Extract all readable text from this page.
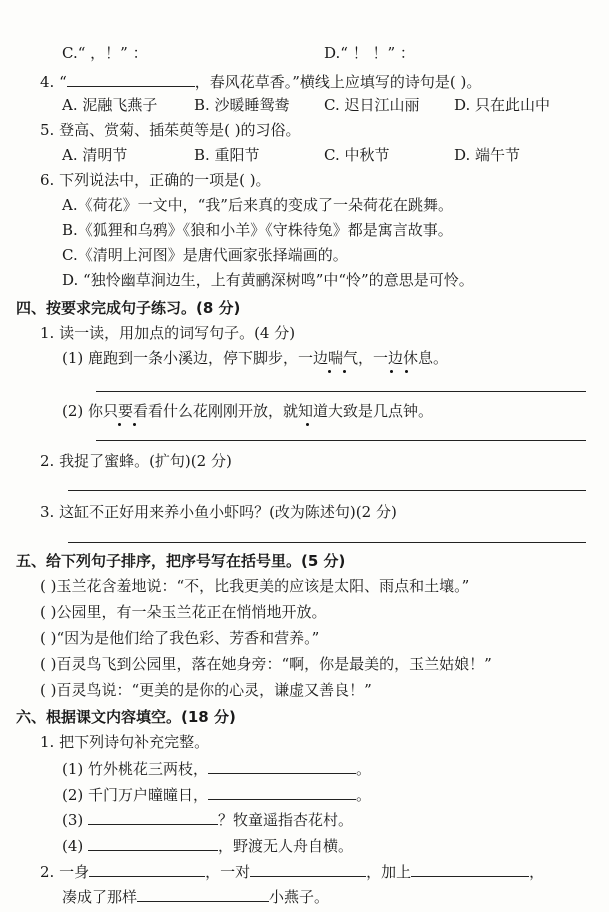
C.“ ，！” ：	D.“ ！ ！” ：
4. “	，春风花草香。”横线上应填写的诗句是( )。
A. 泥融飞燕子 B. 沙暖睡鸳鸯 C. 迟日江山丽 D. 只在此山中
5. 登高、赏菊、插茱萸等是( )的习俗。
A. 清明节	B. 重阳节	C. 中秋节	D. 端午节
6. 下列说法中，正确的一项是( )。
A.《荷花》一文中，“我”后来真的变成了一朵荷花在跳舞。
B.《狐狸和乌鸦》《狼和小羊》《守株待兔》都是寓言故事。
C.《清明上河图》是唐代画家张择端画的。
D. “独怜幽草涧边生，上有黄鹂深树鸣”中“怜”的意思是可怜。
四、按要求完成句子练习。(8 分)
1. 读一读，用加点的词写句子。(4 分)
(1) 鹿跑到一条小溪边，停下脚步，一边喘气，一边休息。
(2) 你只要看看什么花刚刚开放，就知道大致是几点钟。
2. 我捉了蜜蜂。(扩句)(2 分)
3. 这缸不正好用来养小鱼小虾吗？(改为陈述句)(2 分)
五、给下列句子排序，把序号写在括号里。(5 分)
( )玉兰花含羞地说：“不，比我更美的应该是太阳、雨点和土壤。”
( )公园里，有一朵玉兰花正在悄悄地开放。
( )“因为是他们给了我色彩、芳香和营养。”
( )百灵鸟飞到公园里，落在她身旁：“啊，你是最美的，玉兰姑娘！”
( )百灵鸟说：“更美的是你的心灵，谦虚又善良！”
六、根据课文内容填空。(18 分)
1. 把下列诗句补充完整。
(1) 竹外桃花三两枝，	。
(2) 千门万户曈曈日，	。
(3)	？牧童遥指杏花村。
(4)	，野渡无人舟自横。
2. 一身	，一对	，加上	，
凑成了那样	小燕子。
